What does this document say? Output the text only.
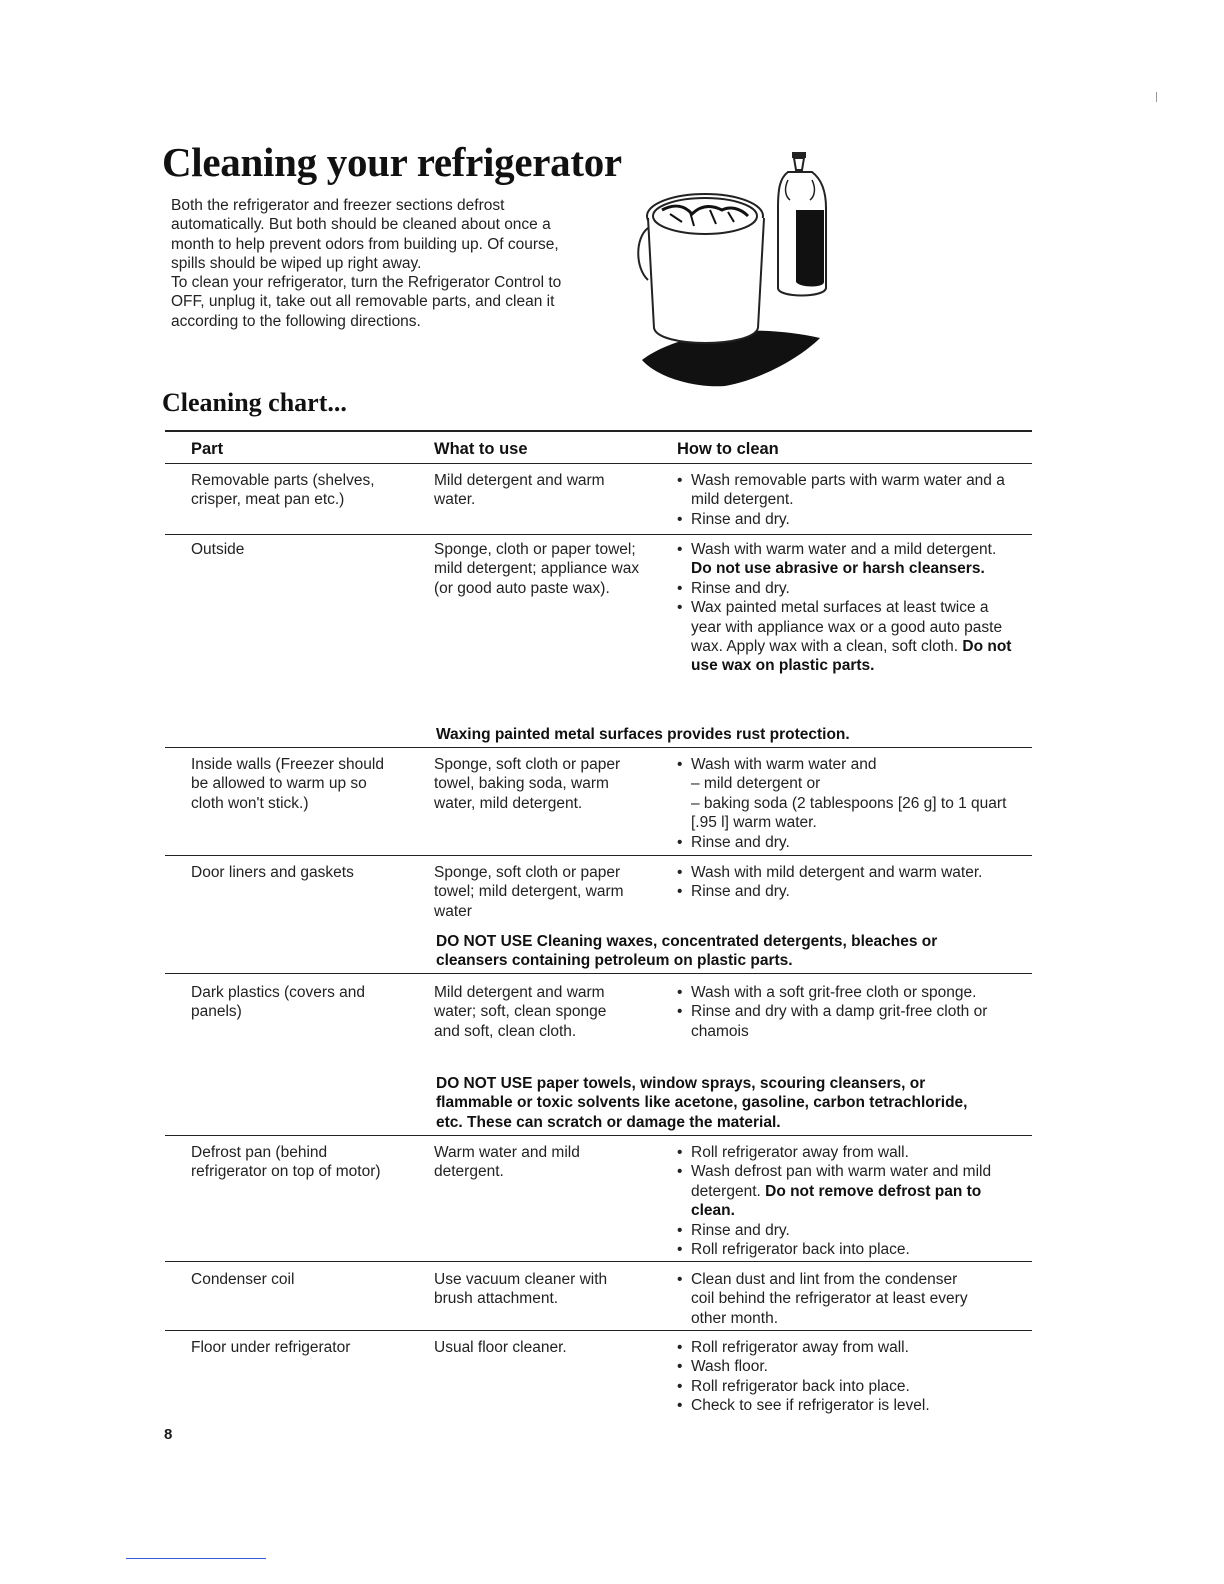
Cleaning your refrigerator

Both the refrigerator and freezer sections defrost automatically. But both should be cleaned about once a month to help prevent odors from building up. Of course, spills should be wiped up right away.

To clean your refrigerator, turn the Refrigerator Control to OFF, unplug it, take out all removable parts, and clean it according to the following directions.

Cleaning chart...
Part	What to use	How to clean
Removable parts (shelves, crisper, meat pan etc.)
Mild detergent and warm water.
• Wash removable parts with warm water and a mild detergent.
• Rinse and dry.
Outside	Sponge, cloth or paper towel; mild detergent; appliance wax (or good auto paste wax).
• Wash with warm water and a mild detergent. Do not use abrasive or harsh cleansers.
• Rinse and dry.
• Wax painted metal surfaces at least twice a year with appliance wax or a good auto paste wax. Apply wax with a clean, soft cloth. Do not use wax on plastic parts.
Waxing painted metal surfaces provides rust protection.
Inside walls (Freezer should be allowed to warm up so cloth won't stick.)
Sponge, soft cloth or paper towel, baking soda, warm water, mild detergent.
• Wash with warm water and
– mild detergent or
– baking soda (2 tablespoons [26 g] to 1 quart [.95 l] warm water.
• Rinse and dry.
Door liners and gaskets	Sponge, soft cloth or paper towel; mild detergent, warm water
• Wash with mild detergent and warm water.
• Rinse and dry.
DO NOT USE Cleaning waxes, concentrated detergents, bleaches or cleansers containing petroleum on plastic parts.
Dark plastics (covers and panels)
Mild detergent and warm water; soft, clean sponge and soft, clean cloth.
• Wash with a soft grit-free cloth or sponge.
• Rinse and dry with a damp grit-free cloth or chamois
DO NOT USE paper towels, window sprays, scouring cleansers, or flammable or toxic solvents like acetone, gasoline, carbon tetrachloride, etc. These can scratch or damage the material.
Defrost pan (behind refrigerator on top of motor)
Warm water and mild detergent.
• Roll refrigerator away from wall.
• Wash defrost pan with warm water and mild detergent. Do not remove defrost pan to clean.
• Rinse and dry.
• Roll refrigerator back into place.
Condenser coil	Use vacuum cleaner with brush attachment.
• Clean dust and lint from the condenser coil behind the refrigerator at least every other month.
Floor under refrigerator	Usual floor cleaner.
•	Roll refrigerator away from wall.
• Wash floor.
• Roll refrigerator back into place.
• Check to see if refrigerator is level.
8
